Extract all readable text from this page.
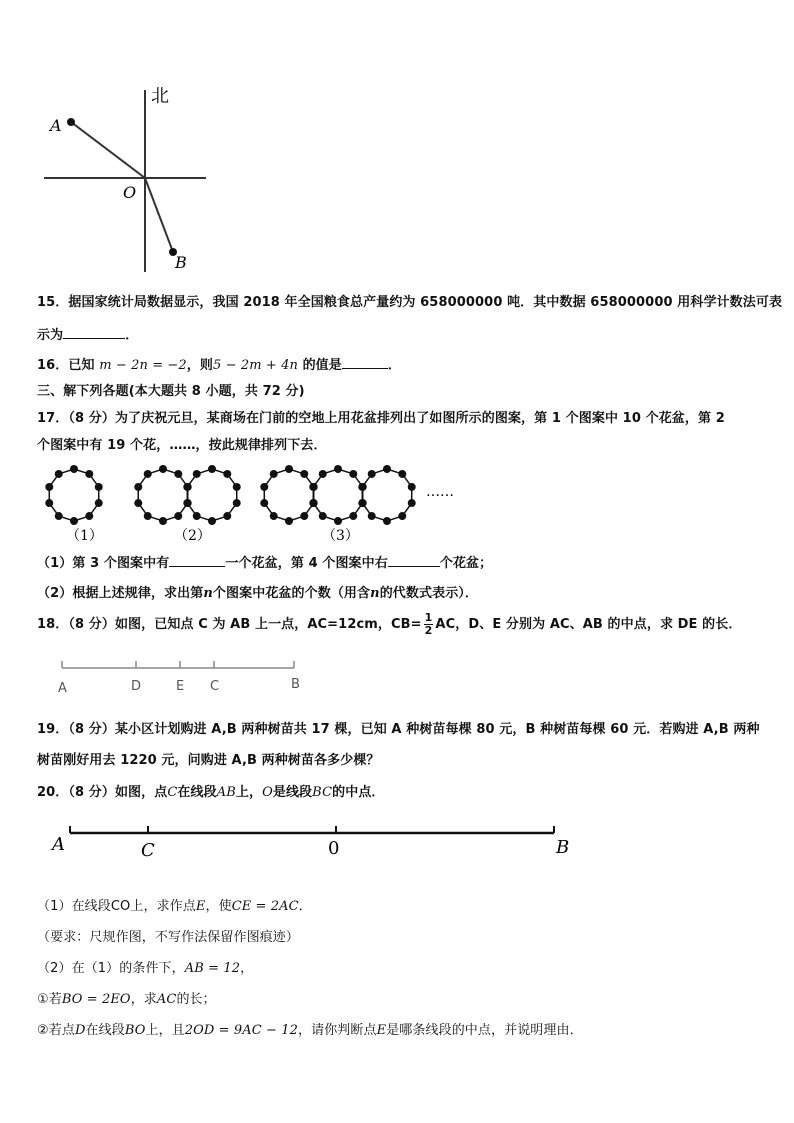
北
A
O
B
15．据国家统计局数据显示，我国 2018 年全国粮食总产量约为 658000000 吨．其中数据 658000000 用科学计数法可表
示为	．
16．已知 m − 2n = −2，则5 − 2m + 4n 的值是	．
三、解下列各题(本大题共 8 小题，共 72 分)
17．（8 分）为了庆祝元旦，某商场在门前的空地上用花盆排列出了如图所示的图案，第 1 个图案中 10 个花盆，第 2
个图案中有 19 个花，……，按此规律排列下去．
（1）	（2）	（3）
……
（1）第 3 个图案中有	一个花盆，第 4 个图案中右	个花盆；
（2）根据上述规律，求出第n个图案中花盆的个数（用含n的代数式表示）．
18．（8 分）如图，已知点 C 为 AB 上一点，AC=12cm，$CB= \frac{1}{2}$ AC，D、E 分别为 AC、AB 的中点，求 DE 的长．
A	D	E C	B
19．（8 分）某小区计划购进 A,B 两种树苗共 17 棵，已知 A 种树苗每棵 80 元，B 种树苗每棵 60 元．若购进 A,B 两种
树苗刚好用去 1220 元，问购进 A,B 两种树苗各多少棵？
20．（8 分）如图，点C在线段AB上，O是线段BC的中点．
A	C	0	B
（1）在线段CO上，求作点E，使CE = 2AC．
（要求：尺规作图，不写作法保留作图痕迹）
（2）在（1）的条件下，AB = 12，
①若BO = 2EO，求AC的长；
②若点D在线段BO上，且2OD = 9AC − 12，请你判断点E是哪条线段的中点，并说明理由．
